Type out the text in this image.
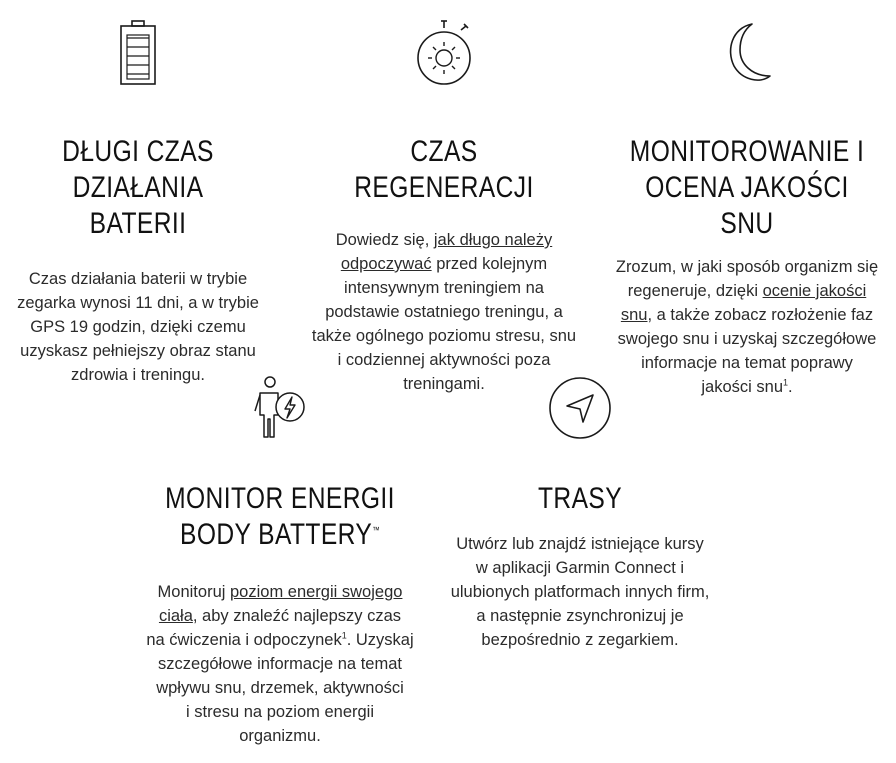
DŁUGI CZAS DZIAŁANIA
BATERII

Czas działania baterii w trybie
zegarka wynosi 11 dni, a w trybie
GPS 19 godzin, dzięki czemu
uzyskasz pełniejszy obraz stanu
zdrowia i treningu.

CZAS REGENERACJI

Dowiedz się, jak długo należy
odpoczywać przed kolejnym
intensywnym treningiem na
podstawie ostatniego treningu, a
także ogólnego poziomu stresu, snu
i codziennej aktywności poza
treningami.

MONITOROWANIE I
OCENA JAKOŚCI SNU

Zrozum, w jaki sposób organizm się
regeneruje, dzięki ocenie jakości
snu, a także zobacz rozłożenie faz
swojego snu i uzyskaj szczegółowe
informacje na temat poprawy
jakości snu$^1$.

MONITOR ENERGII
BODY BATTERY™

Monitoruj poziom energii swojego
ciała, aby znaleźć najlepszy czas
na ćwiczenia i odpoczynek$^1$. Uzyskaj
szczegółowe informacje na temat
wpływu snu, drzemek, aktywności
i stresu na poziom energii
organizmu.

TRASY

Utwórz lub znajdź istniejące kursy
w aplikacji Garmin Connect i
ulubionych platformach innych firm,
a następnie zsynchronizuj je
bezpośrednio z zegarkiem.
